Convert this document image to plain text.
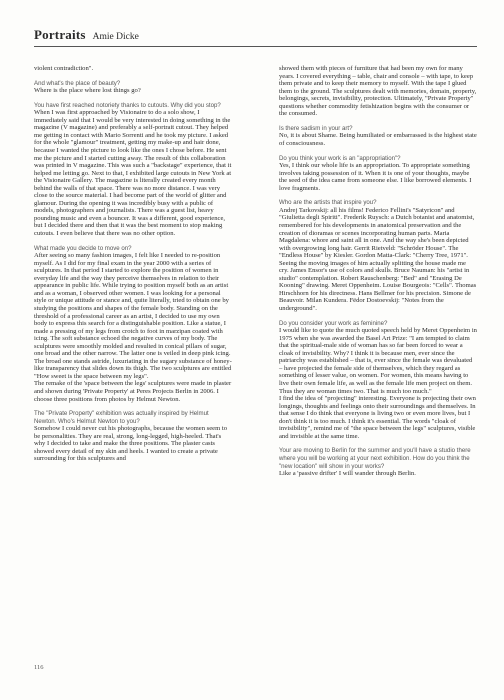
Portraits Amie Dicke

violent contradiction".

And what's the place of beauty?

Where is the place where lost things go?

You have first reached notoriety thanks to cutouts. Why did you stop?

When I was first approached by Visionaire to do a solo show, I immediately said that I would be very interested in doing something in the magazine (V magazine) and preferably a self-portrait cutout. They helped me getting in contact with Mario Sorrenti and he took my picture. I asked for the whole "glamour" treatment, getting my make-up and hair done, because I wanted the picture to look like the ones I chose before. He sent me the picture and I started cutting away. The result of this collaboration was printed in V magazine. This was such a "backstage" experience, that it helped me letting go. Next to that, I exhibited large cutouts in New York at the Visionaire Gallery. The magazine is literally created every month behind the walls of that space. There was no more distance. I was very close to the source material. I had become part of the world of glitter and glamour. During the opening it was incredibly busy with a public of models, photographers and journalists. There was a guest list, heavy pounding music and even a bouncer. It was a different, good experience, but I decided there and then that it was the best moment to stop making cutouts. I even believe that there was no other option.

What made you decide to move on?

After seeing so many fashion images, I felt like I needed to re-position myself. As I did for my final exam in the year 2000 with a series of sculptures. In that period I started to explore the position of women in everyday life and the way they perceive themselves in relation to their appearance in public life. While trying to position myself both as an artist and as a woman, I observed other women. I was looking for a personal style or unique attitude or stance and, quite literally, tried to obtain one by studying the positions and shapes of the female body. Standing on the threshold of a professional career as an artist, I decided to use my own body to express this search for a distinguishable position. Like a statue, I made a pressing of my legs from crotch to foot in marzipan coated with icing. The soft substance echoed the negative curves of my body. The sculptures were smoothly molded and resulted in conical pillars of sugar, one broad and the other narrow. The latter one is veiled in deep pink icing. The broad one stands astride, luxuriating in the sugary substance of honey-like transparency that slides down its thigh. The two sculptures are entitled "How sweet is the space between my legs".

The remake of the 'space between the legs' sculptures were made in plaster and shown during 'Private Property' at Peres Projects Berlin in 2006. I choose three positions from photos by Helmut Newton.

The "Private Property" exhibition was actually inspired by Helmut Newton. Who's Helmut Newton to you?

Somehow I could never cut his photographs, because the women seem to be personalities. They are real, strong, long-legged, high-heeled. That's why I decided to take and make the three positions. The plaster casts showed every detail of my skin and heels. I wanted to create a private surrounding for this sculptures and

showed them with pieces of furniture that had been my own for many years. I covered everything – table, chair and console – with tape, to keep them private and to keep their memory to myself. With the tape I glued them to the ground. The sculptures dealt with memories, domain, property, belongings, secrets, invisibility, protection. Ultimately, "Private Property" questions whether commodity fetishization begins with the consumer or the consumed.

Is there sadism in your art?

No, it is about Shame. Being humiliated or embarrassed is the highest state of consciousness.

Do you think your work is an "appropriation"?

Yes, I think our whole life is an appropriation. To appropriate something involves taking possession of it. When it is one of your thoughts, maybe the seed of the idea came from someone else. I like borrowed elements. I love fragments.

Who are the artists that inspire you?

Andrej Tarkovskij: all his films! Federico Fellini's "Satyricon" and "Giulietta degli Spiriti". Frederik Ruysch: a Dutch botanist and anatomist, remembered for his developments in anatomical preservation and the creation of dioramas or scenes incorporating human parts. Maria Magdalena: whore and saint all in one. And the way she's been depicted with overgrowing long hair. Gerrit Rietveld: "Schröder House". The "Endless House" by Kiesler. Gordon Matta-Clark: "Cherry Tree, 1971". Seeing the moving images of him actually splitting the house made me cry. James Ensor's use of colors and skulls. Bruce Nauman: his "artist in studio" contemplation. Robert Rauschenberg: "Bed" and "Erasing De Kooning" drawing. Meret Oppenheim. Louise Bourgeois: "Cells". Thomas Hirschhorn for his directness. Hans Bellmer for his precision. Simone de Beauvoir. Milan Kundera. Fëdor Dostoevskij: "Notes from the underground".

Do you consider your work as feminine?

I would like to quote the much quoted speech held by Meret Oppenheim in 1975 when she was awarded the Basel Art Prize: "I am tempted to claim that the spiritual-male side of woman has so far been forced to wear a cloak of invisibility. Why? I think it is because men, ever since the patriarchy was established – that is, ever since the female was devaluated – have projected the female side of themselves, which they regard as something of lesser value, on women. For women, this means having to live their own female life, as well as the female life men project on them. Thus they are woman times two. That is much too much."

I find the idea of "projecting" interesting. Everyone is projecting their own longings, thoughts and feelings onto their surroundings and themselves. In that sense I do think that everyone is living two or even more lives, but I don't think it is too much. I think it's essential. The words "cloak of invisibility", remind me of "the space between the legs" sculptures, visible and invisible at the same time.

Your are moving to Berlin for the summer and you'll have a studio there where you will be working at your next exhibition. How do you think the "new location" will show in your works?

Like a 'passive drifter' I will wander through Berlin.

116
